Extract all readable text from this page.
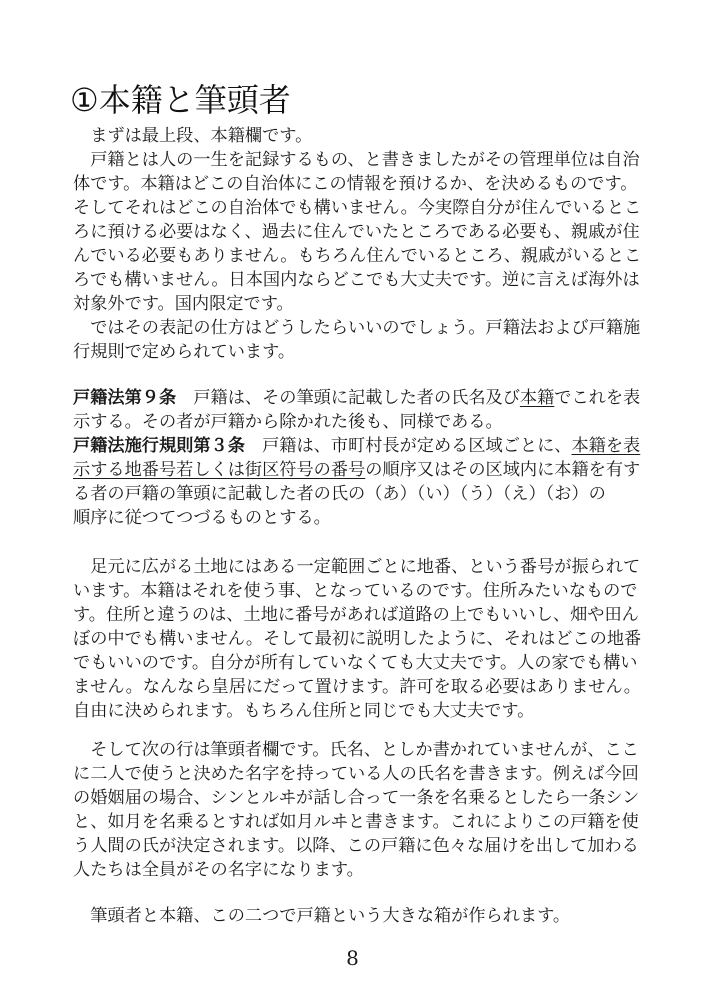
①本籍と筆頭者
　まずは最上段、本籍欄です。
　戸籍とは人の一生を記録するもの、と書きましたがその管理単位は自治
体です。本籍はどこの自治体にこの情報を預けるか、を決めるものです。
そしてそれはどこの自治体でも構いません。今実際自分が住んでいるとこ
ろに預ける必要はなく、過去に住んでいたところである必要も、親戚が住
んでいる必要もありません。もちろん住んでいるところ、親戚がいるとこ
ろでも構いません。日本国内ならどこでも大丈夫です。逆に言えば海外は
対象外です。国内限定です。
　ではその表記の仕方はどうしたらいいのでしょう。戸籍法および戸籍施
行規則で定められています。
戸籍法第９条　戸籍は、その筆頭に記載した者の氏名及び本籍でこれを表
示する。その者が戸籍から除かれた後も、同様である。
戸籍法施行規則第３条　戸籍は、市町村長が定める区域ごとに、本籍を表
示する地番号若しくは街区符号の番号の順序又はその区域内に本籍を有す
る者の戸籍の筆頭に記載した者の氏の（あ）（い）（う）（え）（お）の
順序に従つてつづるものとする。
　足元に広がる土地にはある一定範囲ごとに地番、という番号が振られて
います。本籍はそれを使う事、となっているのです。住所みたいなもので
す。住所と違うのは、土地に番号があれば道路の上でもいいし、畑や田ん
ぼの中でも構いません。そして最初に説明したように、それはどこの地番
でもいいのです。自分が所有していなくても大丈夫です。人の家でも構い
ません。なんなら皇居にだって置けます。許可を取る必要はありません。
自由に決められます。もちろん住所と同じでも大丈夫です。
　そして次の行は筆頭者欄です。氏名、としか書かれていませんが、ここ
に二人で使うと決めた名字を持っている人の氏名を書きます。例えば今回
の婚姻届の場合、シンとルヰが話し合って一条を名乗るとしたら一条シン
と、如月を名乗るとすれば如月ルヰと書きます。これによりこの戸籍を使
う人間の氏が決定されます。以降、この戸籍に色々な届けを出して加わる
人たちは全員がその名字になります。
　筆頭者と本籍、この二つで戸籍という大きな箱が作られます。
8
